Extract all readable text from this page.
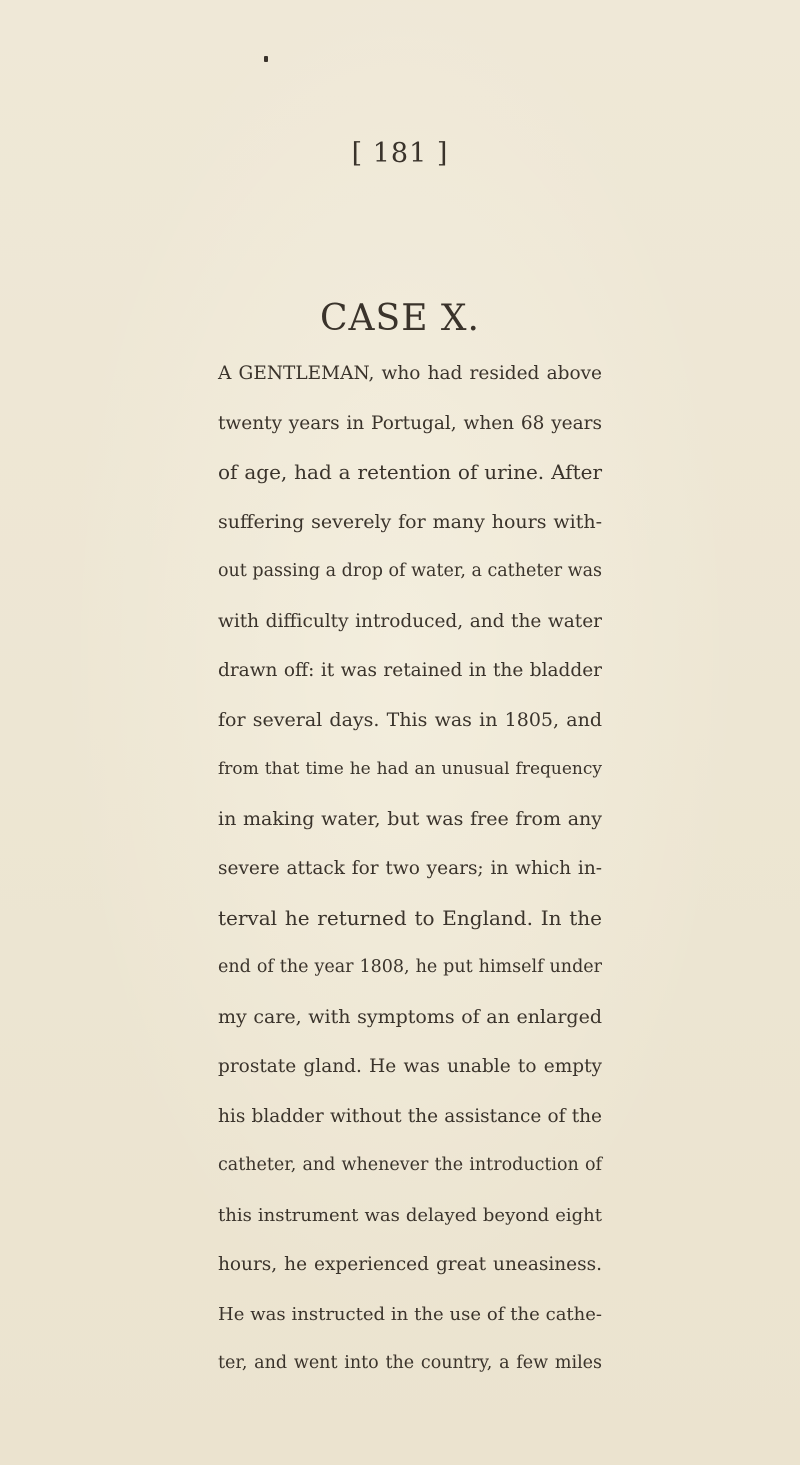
[ 181 ]
CASE X.
A GENTLEMAN, who had resided above
twenty years in Portugal, when 68 years
of age, had a retention of urine. After
suffering severely for many hours with-
out passing a drop of water, a catheter was
with difficulty introduced, and the water
drawn off: it was retained in the bladder
for several days. This was in 1805, and
from that time he had an unusual frequency
in making water, but was free from any
severe attack for two years; in which in-
terval he returned to England. In the
end of the year 1808, he put himself under
my care, with symptoms of an enlarged
prostate gland. He was unable to empty
his bladder without the assistance of the
catheter, and whenever the introduction of
this instrument was delayed beyond eight
hours, he experienced great uneasiness.
He was instructed in the use of the cathe-
ter, and went into the country, a few miles
